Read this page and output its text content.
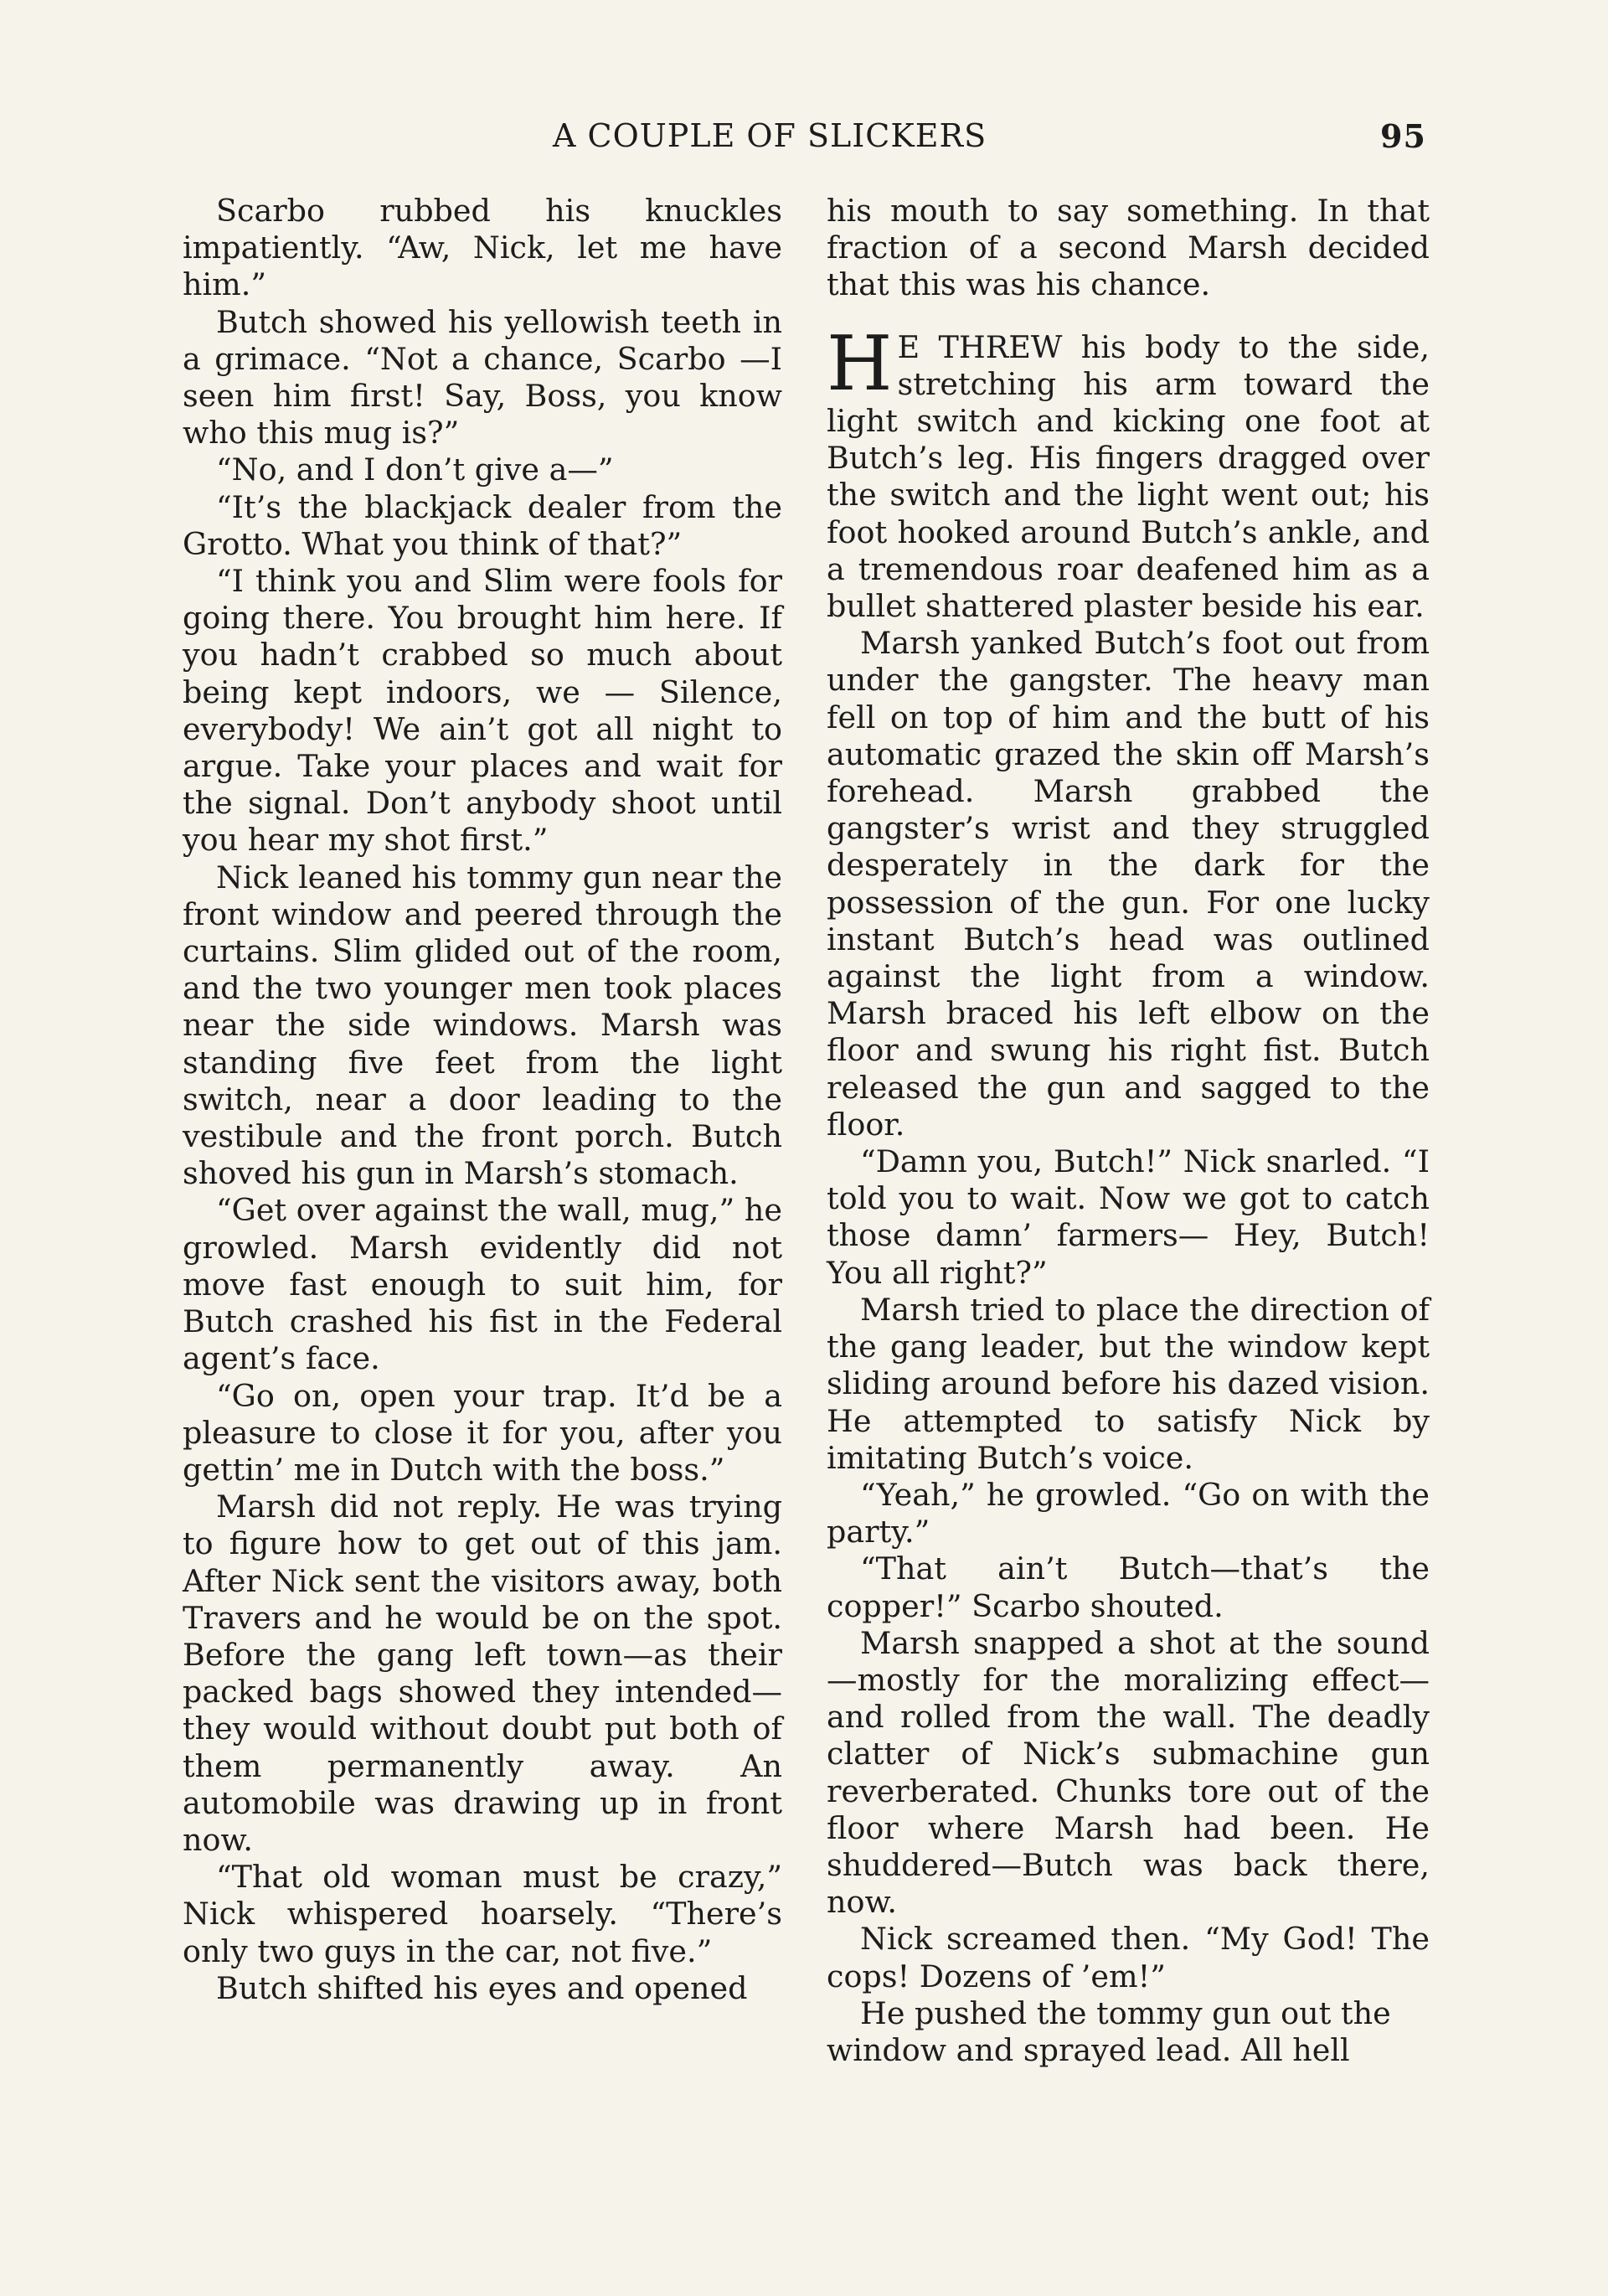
A COUPLE OF SLICKERS	95

Scarbo rubbed his knuckles impatiently. “Aw, Nick, let me have him.”

Butch showed his yellowish teeth in a grimace. “Not a chance, Scarbo —I seen him first! Say, Boss, you know who this mug is?”

“No, and I don’t give a—”

“It’s the blackjack dealer from the Grotto. What you think of that?”

“I think you and Slim were fools for going there. You brought him here. If you hadn’t crabbed so much about being kept indoors, we — Silence, everybody! We ain’t got all night to argue. Take your places and wait for the signal. Don’t anybody shoot until you hear my shot first.”

Nick leaned his tommy gun near the front window and peered through the curtains. Slim glided out of the room, and the two younger men took places near the side windows. Marsh was standing five feet from the light switch, near a door leading to the vestibule and the front porch. Butch shoved his gun in Marsh’s stomach.

“Get over against the wall, mug,” he growled. Marsh evidently did not move fast enough to suit him, for Butch crashed his fist in the Federal agent’s face.

“Go on, open your trap. It’d be a pleasure to close it for you, after you gettin’ me in Dutch with the boss.”

Marsh did not reply. He was trying to figure how to get out of this jam. After Nick sent the visitors away, both Travers and he would be on the spot. Before the gang left town—as their packed bags showed they intended—they would without doubt put both of them permanently away. An automobile was drawing up in front now.

“That old woman must be crazy,” Nick whispered hoarsely. “There’s only two guys in the car, not five.”

Butch shifted his eyes and opened

his mouth to say something. In that fraction of a second Marsh decided that this was his chance.

H E THREW his body to the side, stretching his arm toward the light switch and kicking one foot at Butch’s leg. His fingers dragged over the switch and the light went out; his foot hooked around Butch’s ankle, and a tremendous roar deafened him as a bullet shattered plaster beside his ear.

Marsh yanked Butch’s foot out from under the gangster. The heavy man fell on top of him and the butt of his automatic grazed the skin off Marsh’s forehead. Marsh grabbed the gangster’s wrist and they struggled desperately in the dark for the possession of the gun. For one lucky instant Butch’s head was outlined against the light from a window. Marsh braced his left elbow on the floor and swung his right fist. Butch released the gun and sagged to the floor.

“Damn you, Butch!” Nick snarled. “I told you to wait. Now we got to catch those damn’ farmers— Hey, Butch! You all right?”

Marsh tried to place the direction of the gang leader, but the window kept sliding around before his dazed vision. He attempted to satisfy Nick by imitating Butch’s voice.

“Yeah,” he growled. “Go on with the party.”

“That ain’t Butch—that’s the copper!” Scarbo shouted.

Marsh snapped a shot at the sound —mostly for the moralizing effect— and rolled from the wall. The deadly clatter of Nick’s submachine gun reverberated. Chunks tore out of the floor where Marsh had been. He shuddered—Butch was back there, now.

Nick screamed then. “My God! The cops! Dozens of ’em!”

He pushed the tommy gun out the window and sprayed lead. All hell
